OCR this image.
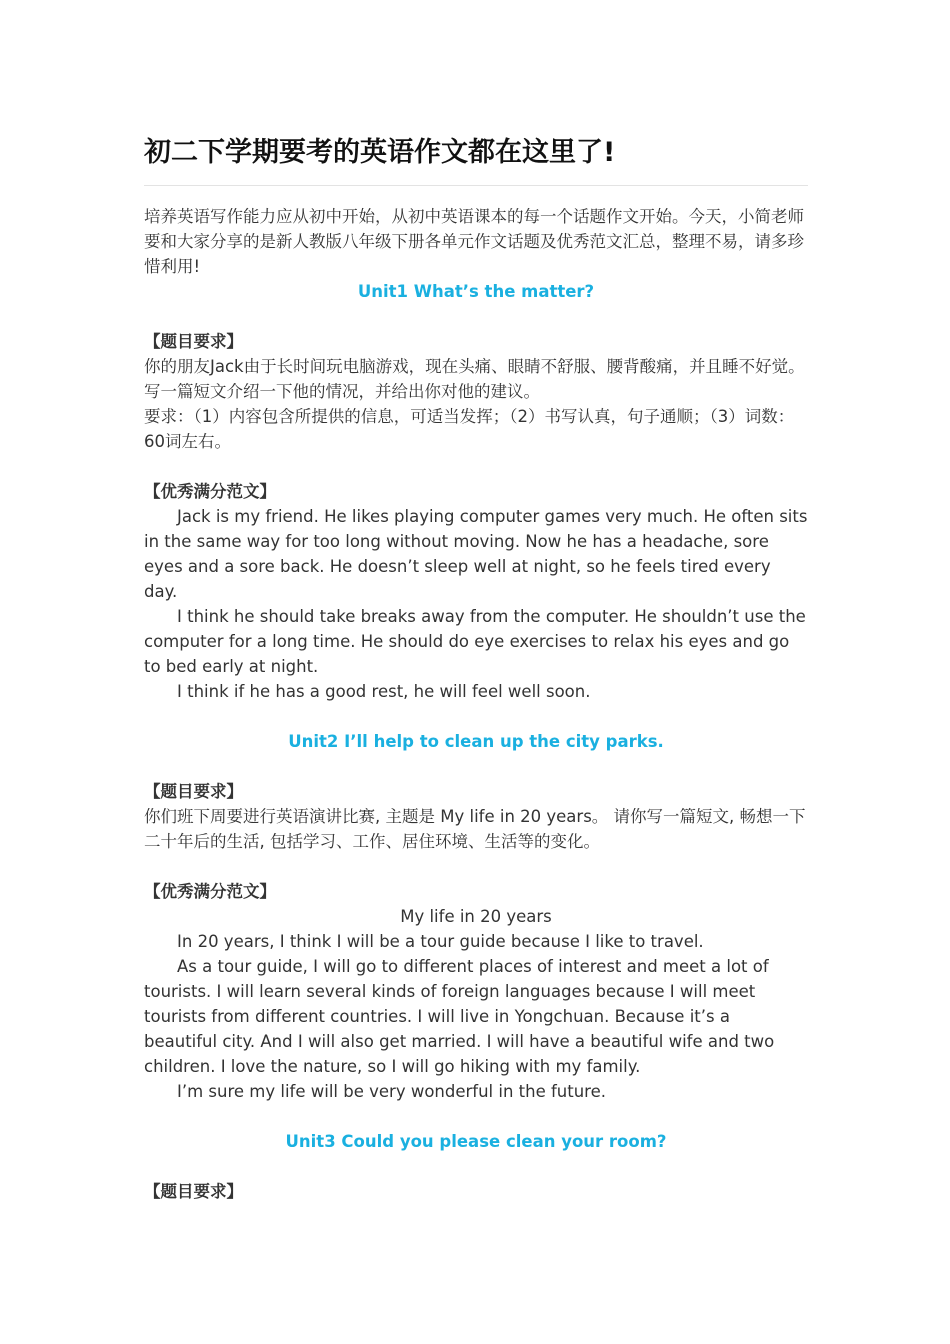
初二下学期要考的英语作文都在这里了!

培养英语写作能力应从初中开始，从初中英语课本的每一个话题作文开始。今天，小简老师要和大家分享的是新人教版八年级下册各单元作文话题及优秀范文汇总，整理不易，请多珍惜利用!

Unit1 What’s the matter?

【题目要求】

你的朋友Jack由于长时间玩电脑游戏，现在头痛、眼睛不舒服、腰背酸痛，并且睡不好觉。写一篇短文介绍一下他的情况，并给出你对他的建议。

要求：（1）内容包含所提供的信息，可适当发挥；（2）书写认真，句子通顺；（3）词数：60词左右。

【优秀满分范文】

Jack is my friend. He likes playing computer games very much. He often sits in the same way for too long without moving. Now he has a headache, sore eyes and a sore back. He doesn’t sleep well at night, so he feels tired every day.

I think he should take breaks away from the computer. He shouldn’t use the computer for a long time. He should do eye exercises to relax his eyes and go to bed early at night.

I think if he has a good rest, he will feel well soon.

Unit2 I’ll help to clean up the city parks.

【题目要求】

你们班下周要进行英语演讲比赛, 主题是 My life in 20 years。 请你写一篇短文, 畅想一下二十年后的生活, 包括学习、工作、居住环境、生活等的变化。

【优秀满分范文】

My life in 20 years

In 20 years, I think I will be a tour guide because I like to travel.

As a tour guide, I will go to different places of interest and meet a lot of tourists. I will learn several kinds of foreign languages because I will meet tourists from different countries. I will live in Yongchuan. Because it’s a beautiful city. And I will also get married. I will have a beautiful wife and two children. I love the nature, so I will go hiking with my family.

I’m sure my life will be very wonderful in the future.

Unit3 Could you please clean your room?

【题目要求】
